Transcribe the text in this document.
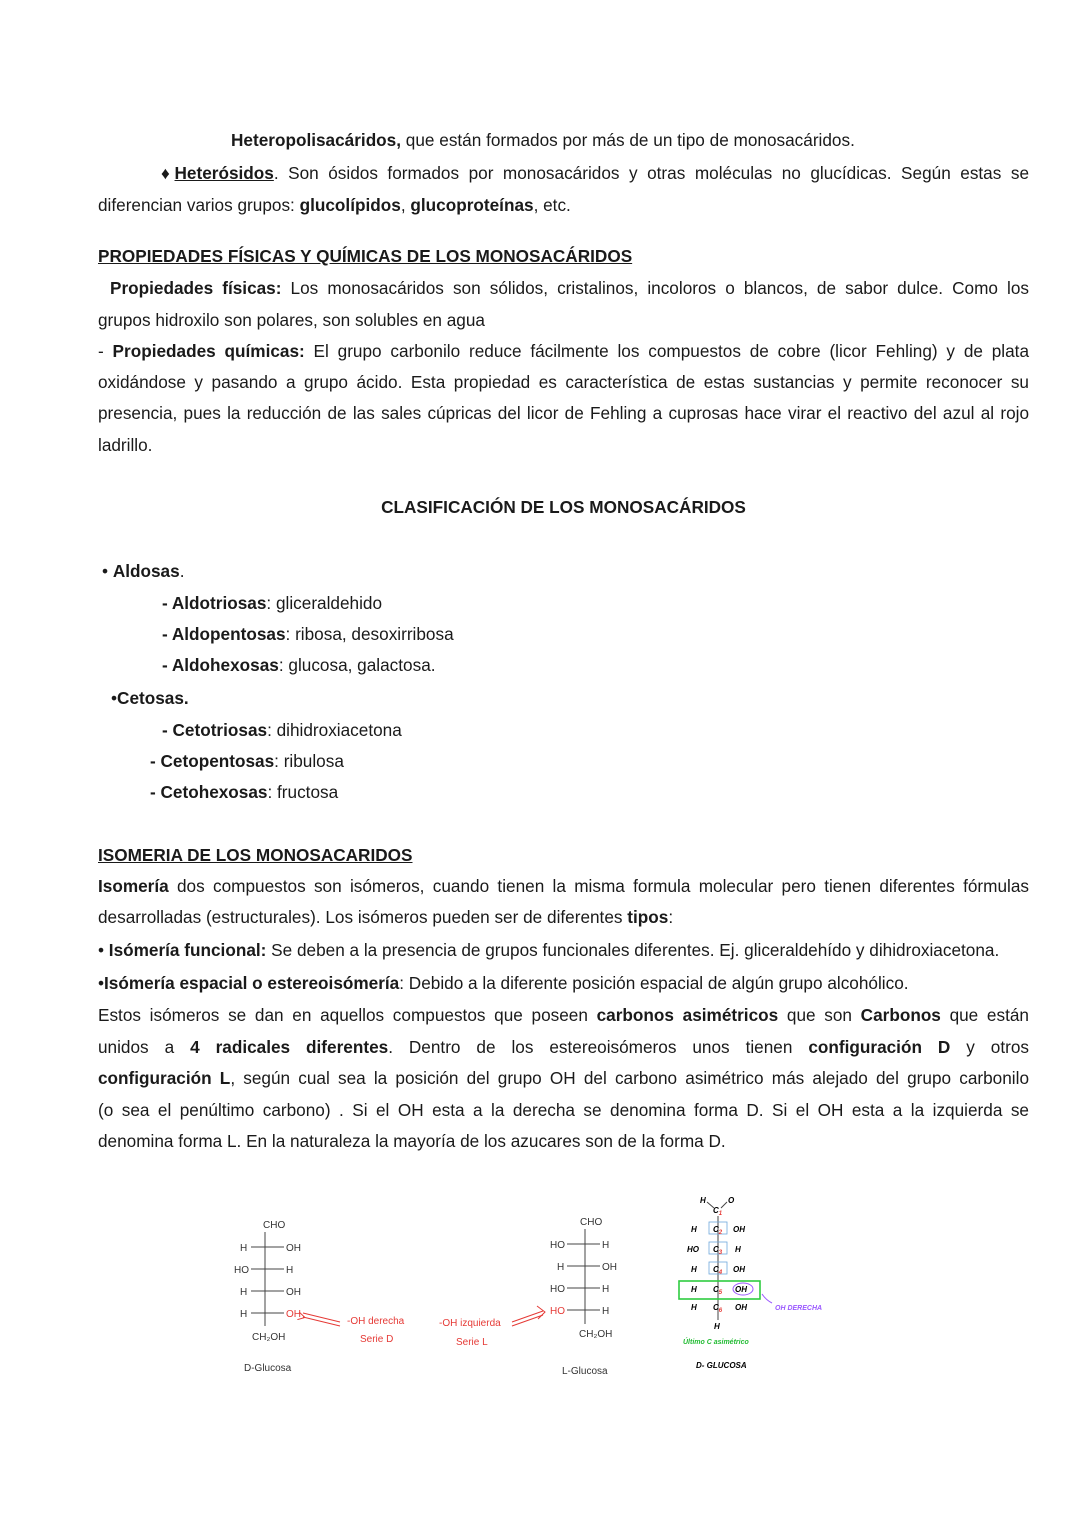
Heteropolisacáridos, que están formados por más de un tipo de monosacáridos.
♦Heterósidos. Son ósidos formados por monosacáridos y otras moléculas no glucídicas. Según estas se
diferencian varios grupos: glucolípidos, glucoproteínas, etc.
PROPIEDADES FÍSICAS Y QUÍMICAS DE LOS MONOSACÁRIDOS
Propiedades físicas: Los monosacáridos son sólidos, cristalinos, incoloros o blancos, de sabor dulce. Como los
grupos hidroxilo son polares, son solubles en agua
- Propiedades químicas: El grupo carbonilo reduce fácilmente los compuestos de cobre (licor Fehling) y de plata
oxidándose y pasando a grupo ácido. Esta propiedad es característica de estas sustancias y permite reconocer su
presencia, pues la reducción de las sales cúpricas del licor de Fehling a cuprosas hace virar el reactivo del azul al rojo
ladrillo.
CLASIFICACIÓN DE LOS MONOSACÁRIDOS
• Aldosas.
- Aldotriosas: gliceraldehido
- Aldopentosas: ribosa, desoxirribosa
- Aldohexosas: glucosa, galactosa.
•Cetosas.
- Cetotriosas: dihidroxiacetona
- Cetopentosas: ribulosa
- Cetohexosas: fructosa
ISOMERIA DE LOS MONOSACARIDOS
Isomería dos compuestos son isómeros, cuando tienen la misma formula molecular pero tienen diferentes fórmulas
desarrolladas (estructurales). Los isómeros pueden ser de diferentes tipos:
• Isómería funcional: Se deben a la presencia de grupos funcionales diferentes. Ej. gliceraldehído y dihidroxiacetona.
•Isómería espacial o estereoisómería: Debido a la diferente posición espacial de algún grupo alcohólico.
Estos isómeros se dan en aquellos compuestos que poseen carbonos asimétricos que son Carbonos que están
unidos a 4 radicales diferentes. Dentro de los estereoisómeros unos tienen configuración D y otros
configuración L, según cual sea la posición del grupo OH del carbono asimétrico más alejado del grupo carbonilo
(o sea el penúltimo carbono) . Si el OH esta a la derecha se denomina forma D. Si el OH esta a la izquierda se
denomina forma L. En la naturaleza la mayoría de los azucares son de la forma D.
CHO
H	OH
HO	H
H	OH
H	OH
CH₂OH
D-Glucosa
-OH derecha
Serie D
-OH izquierda
Serie L
CHO
HO	H
H	OH
HO	H
HO	H
CH₂OH
L-Glucosa
H	O
$C_1$
$C_2$
$C_3$
$C_4$
$C_5$
$C_6$
H	OH
HO	H
H	OH
H	OH
H	OH
H
OH DERECHA
Último C asimétrico
D- GLUCOSA
